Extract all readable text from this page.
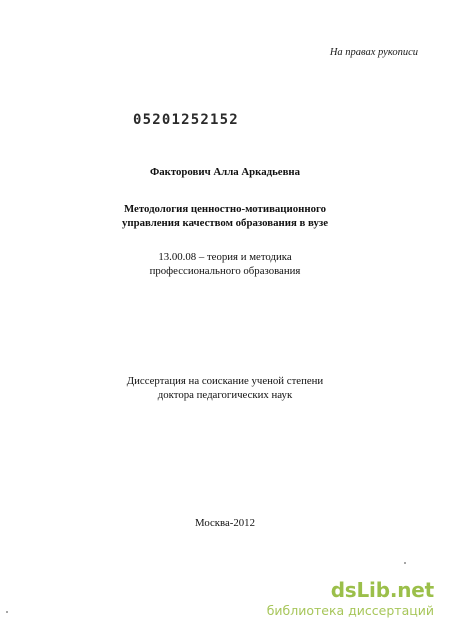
На правах рукописи
05201252152
Факторович Алла Аркадьевна
Методология ценностно-мотивационного
управления качеством образования в вузе
13.00.08 – теория и методика
профессионального образования
Диссертация на соискание ученой степени
доктора педагогических наук
Москва-2012
dsLib.net
библиотека диссертаций
